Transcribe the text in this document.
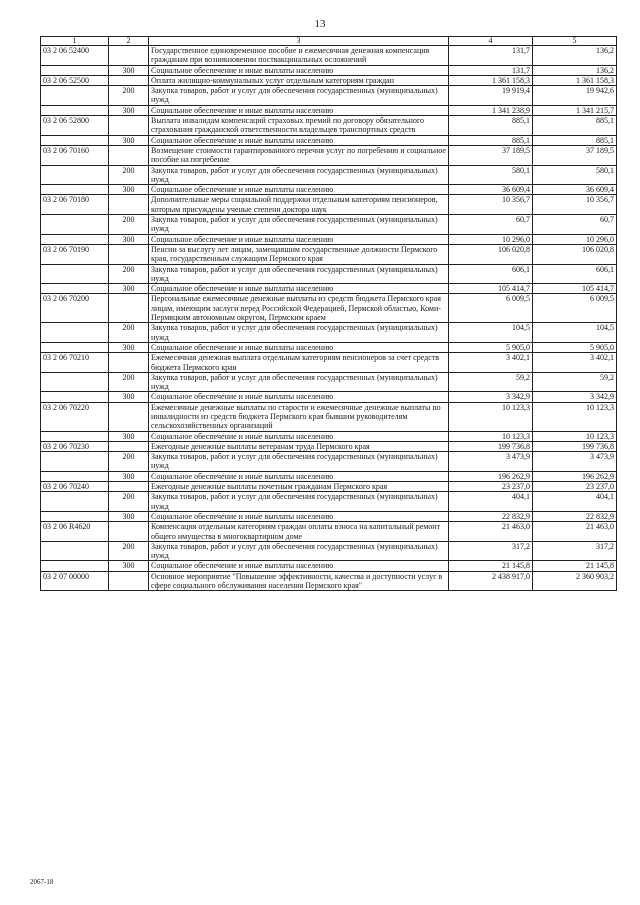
13
1	2	3	4	5
03 2 06 52400		Государственное единовременное пособие и ежемесячная денежная компенсация гражданам при возникновении поствакцинальных осложнений	131,7	136,2
	300	Социальное обеспечение и иные выплаты населению	131,7	136,2
03 2 06 52500		Оплата жилищно-коммунальных услуг отдельным категориям граждан	1 361 158,3	1 361 158,3
	200	Закупка товаров, работ и услуг для обеспечения государственных (муниципальных) нужд	19 919,4	19 942,6
	300	Социальное обеспечение и иные выплаты населению	1 341 238,9	1 341 215,7
03 2 06 52800		Выплата инвалидам компенсаций страховых премий по договору обязательного страхования гражданской ответственности владельцев транспортных средств	885,1	885,1
	300	Социальное обеспечение и иные выплаты населению	885,1	885,1
03 2 06 70160		Возмещение стоимости гарантированного перечня услуг по погребению и социальное пособие на погребение	37 189,5	37 189,5
	200	Закупка товаров, работ и услуг для обеспечения государственных (муниципальных) нужд	580,1	580,1
	300	Социальное обеспечение и иные выплаты населению	36 609,4	36 609,4
03 2 06 70180		Дополнительные меры социальной поддержки отдельным категориям пенсионеров, которым присуждены ученые степени доктора наук	10 356,7	10 356,7
	200	Закупка товаров, работ и услуг для обеспечения государственных (муниципальных) нужд	60,7	60,7
	300	Социальное обеспечение и иные выплаты населению	10 296,0	10 296,0
03 2 06 70190		Пенсии за выслугу лет лицам, замещавшим государственные должности Пермского края, государственным служащим Пермского края	106 020,8	106 020,8
	200	Закупка товаров, работ и услуг для обеспечения государственных (муниципальных) нужд	606,1	606,1
	300	Социальное обеспечение и иные выплаты населению	105 414,7	105 414,7
03 2 06 70200		Персональные ежемесячные денежные выплаты из средств бюджета Пермского края лицам, имеющим заслуги перед Российской Федерацией, Пермской областью, Коми-Пермяцким автономным округом, Пермским краем	6 009,5	6 009,5
	200	Закупка товаров, работ и услуг для обеспечения государственных (муниципальных) нужд	104,5	104,5
	300	Социальное обеспечение и иные выплаты населению	5 905,0	5 905,0
03 2 06 70210		Ежемесячная денежная выплата отдельным категориям пенсионеров за счет средств бюджета Пермского края	3 402,1	3 402,1
	200	Закупка товаров, работ и услуг для обеспечения государственных (муниципальных) нужд	59,2	59,2
	300	Социальное обеспечение и иные выплаты населению	3 342,9	3 342,9
03 2 06 70220		Ежемесячные денежные выплаты по старости и ежемесячные денежные выплаты по инвалидности из средств бюджета Пермского края бывшим руководителям сельскохозяйственных организаций	10 123,3	10 123,3
	300	Социальное обеспечение и иные выплаты населению	10 123,3	10 123,3
03 2 06 70230		Ежегодные денежные выплаты ветеранам труда Пермского края	199 736,8	199 736,8
	200	Закупка товаров, работ и услуг для обеспечения государственных (муниципальных) нужд	3 473,9	3 473,9
	300	Социальное обеспечение и иные выплаты населению	196 262,9	196 262,9
03 2 06 70240		Ежегодные денежные выплаты почетным гражданам Пермского края	23 237,0	23 237,0
	200	Закупка товаров, работ и услуг для обеспечения государственных (муниципальных) нужд	404,1	404,1
	300	Социальное обеспечение и иные выплаты населению	22 832,9	22 832,9
03 2 06 R4620		Компенсация отдельным категориям граждан оплаты взноса на капитальный ремонт общего имущества в многоквартирном доме	21 463,0	21 463,0
	200	Закупка товаров, работ и услуг для обеспечения государственных (муниципальных) нужд	317,2	317,2
	300	Социальное обеспечение и иные выплаты населению	21 145,8	21 145,8
03 2 07 00000		Основное мероприятие "Повышение эффективности, качества и доступности услуг в сфере социального обслуживания населения Пермского края"	2 438 917,0	2 360 903,2
2067-18
